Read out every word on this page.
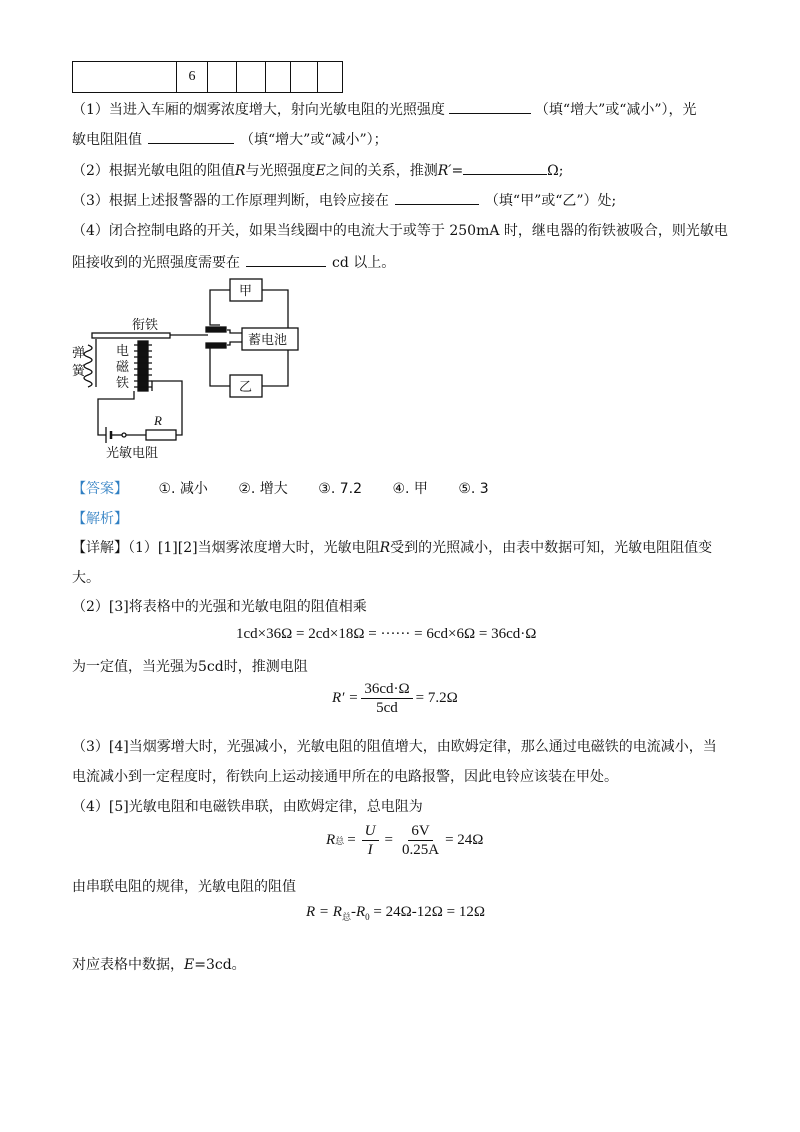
	6					
（1）当进入车厢的烟雾浓度增大，射向光敏电阻的光照强度	（填“增大”或“减小”），光
敏电阻阻值	（填“增大”或“减小”）；
（2）根据光敏电阻的阻值R与光照强度E之间的关系，推测R′=	Ω;
（3）根据上述报警器的工作原理判断，电铃应接在	（填“甲”或“乙”）处;
（4）闭合控制电路的开关，如果当线圈中的电流大于或等于 250mA 时，继电器的衔铁被吸合，则光敏电
阻接收到的光照强度需要在	cd 以上。
甲
乙
蓄电池
衔铁
弹
簧
电
磁
铁
R
光敏电阻
【答案】 ①. 减小 ②. 增大 ③. 7.2 ④. 甲 ⑤. 3
【解析】
【详解】（1）[1][2]当烟雾浓度增大时，光敏电阻R受到的光照减小，由表中数据可知，光敏电阻阻值变
大。
（2）[3]将表格中的光强和光敏电阻的阻值相乘
1cd×36Ω = 2cd×18Ω = ······ = 6cd×6Ω = 36cd·Ω
为一定值，当光强为5cd时，推测电阻
$R' = \frac{36cd\cdot\Omega}{5cd} = 7.2\Omega$
（3）[4]当烟雾增大时，光强减小，光敏电阻的阻值增大，由欧姆定律，那么通过电磁铁的电流减小，当
电流减小到一定程度时，衔铁向上运动接通甲所在的电路报警，因此电铃应该装在甲处。
（4）[5]光敏电阻和电磁铁串联，由欧姆定律，总电阻为
R 总 = $\frac{U}{I} = \frac{6V}{0.25A} = 24\Omega$
由串联电阻的规律，光敏电阻的阻值
$R = R_总-R_0 = 24\Omega-12\Omega = 12\Omega$
对应表格中数据，E=3cd。
